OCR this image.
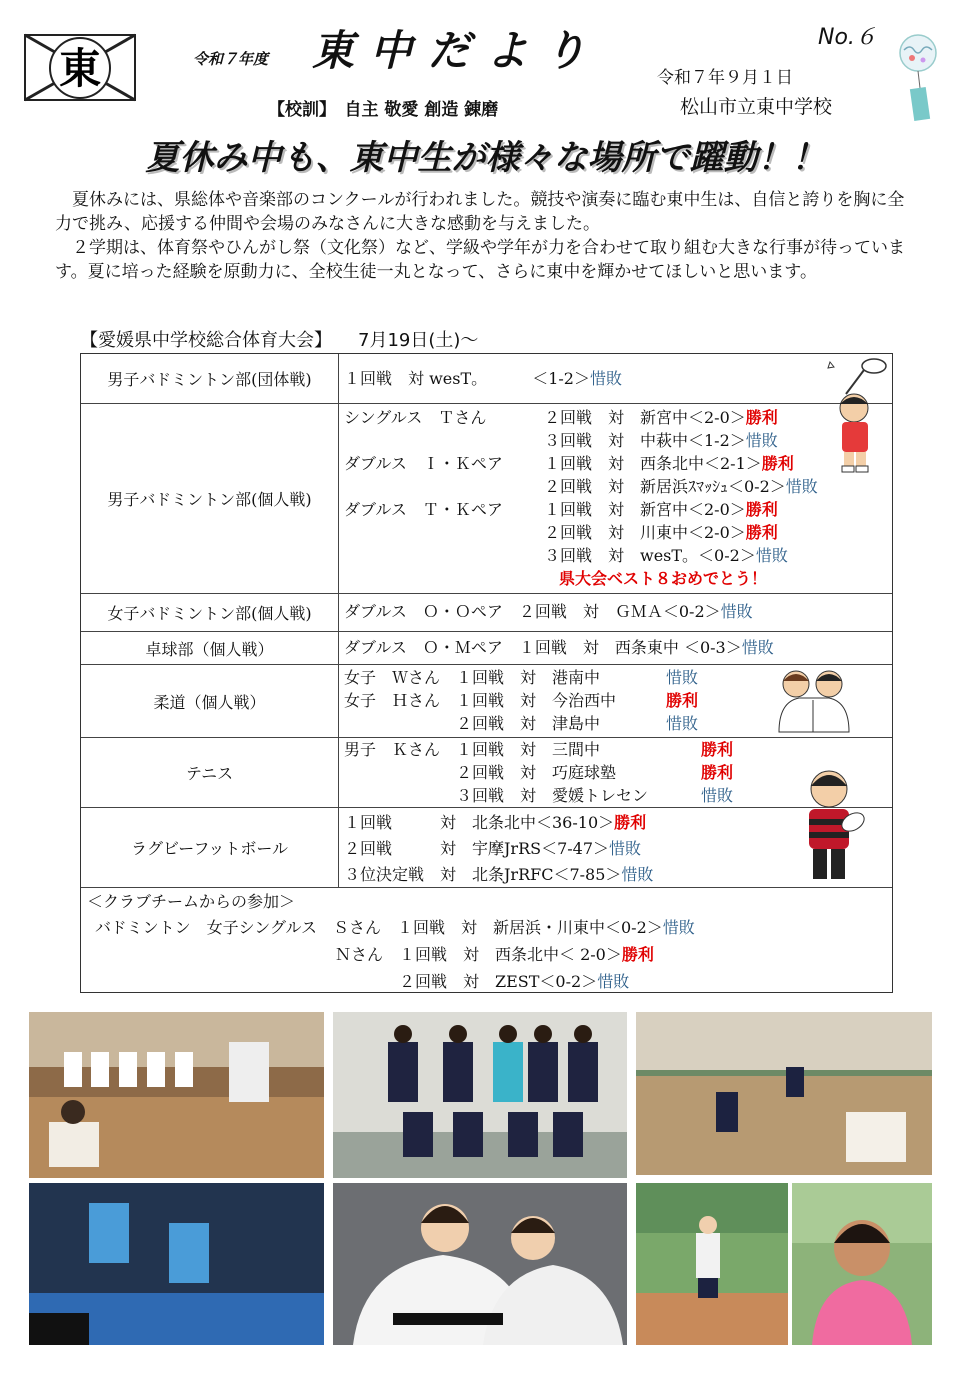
東	令和７年度 東中だより	No.６
令和７年９月１日
【校訓】　自主 敬愛 創造 錬磨	松山市立東中学校
夏休み中も、東中生が様々な場所で躍動！！

夏休みには、県総体や音楽部のコンクールが行われました。競技や演奏に臨む東中生は、自信と誇りを胸に全力で挑み、応援する仲間や会場のみなさんに大きな感動を与えました。

２学期は、体育祭やひんがし祭（文化祭）など、学級や学年が力を合わせて取り組む大きな行事が待っています。夏に培った経験を原動力に、全校生徒一丸となって、さらに東中を輝かせてほしいと思います。

【愛媛県中学校総合体育大会】 7月19日(土)～
男子バドミントン部(団体戦)	１回戦　対 wesT。　　　 ＜1-2＞惜敗
男子バドミントン部(個人戦)
シングルス　Ｔさん	２回戦　対　新宮中＜2-0＞勝利
３回戦　対　中萩中＜1-2＞惜敗
ダブルス　Ｉ・Ｋペア	１回戦　対　西条北中＜2-1＞勝利
２回戦　対　新居浜ｽﾏｯｼｭ＜0-2＞惜敗
ダブルス　Ｔ・Ｋペア	１回戦　対　新宮中＜2-0＞勝利
２回戦　対　川東中＜2-0＞勝利
３回戦　対　wesT。＜0-2＞惜敗
県大会ベスト８おめでとう！
女子バドミントン部(個人戦)	ダブルス　Ｏ・Ｏペア　２回戦　対　ＧＭＡ＜0-2＞惜敗
卓球部（個人戦）	ダブルス　Ｏ・Ｍペア　１回戦　対　西条東中 ＜0-3＞惜敗
柔道（個人戦）
女子　Ｗさん　１回戦　対　港南中	惜敗
女子　Ｈさん　１回戦　対　今治西中	勝利
　　　　　　　２回戦　対　津島中	惜敗
テニス
男子　Ｋさん　１回戦　対　三間中	勝利
　　　　　　　２回戦　対　巧庭球塾	勝利
　　　　　　　３回戦　対　愛媛トレセン	惜敗
ラグビーフットボール
１回戦　　　対　北条北中＜36-10＞勝利
２回戦　　　対　宇摩JrRS＜7-47＞惜敗
３位決定戦　対　北条JrRFC＜7-85＞惜敗
＜クラブチームからの参加＞
バドミントン　女子シングルス　Ｓさん　１回戦　対　新居浜・川東中＜0-2＞惜敗
　　　　　　　　　　　　　　　Ｎさん　１回戦　対　西条北中＜ 2-0＞勝利
　　　　　　　　　　　　　　　　　　　２回戦　対　ZEST＜0-2＞惜敗
